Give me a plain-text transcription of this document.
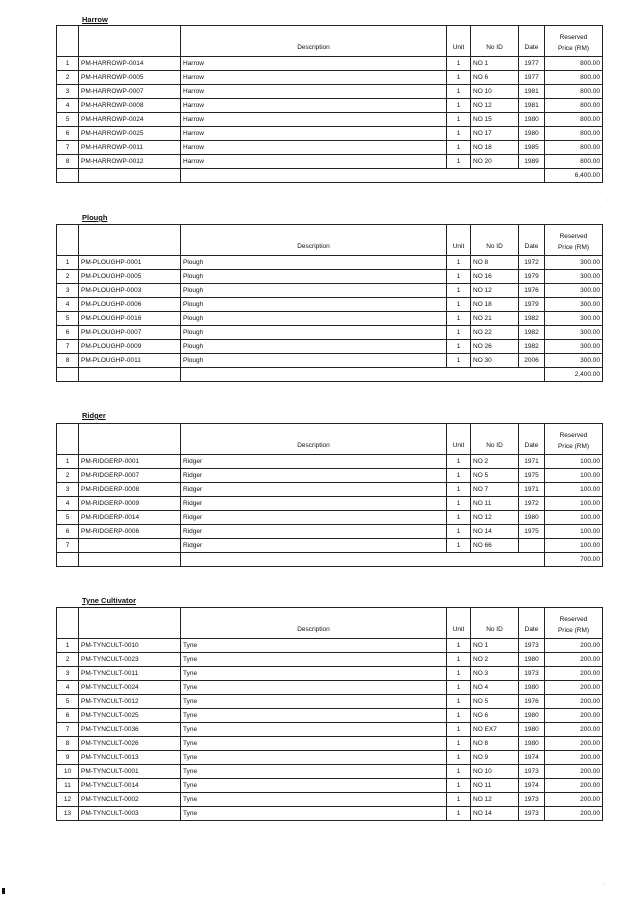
Harrow
		Description	Unit	No ID	Date	Reserved
Price (RM)

1	PM-HARROWP-0014	Harrow	1	NO 1	1977	800.00
2	PM-HARROWP-0005	Harrow	1	NO 6	1977	800.00
3	PM-HARROWP-0007	Harrow	1	NO 10	1981	800.00
4	PM-HARROWP-0008	Harrow	1	NO 12	1981	800.00
5	PM-HARROWP-0024	Harrow	1	NO 15	1980	800.00
6	PM-HARROWP-0025	Harrow	1	NO 17	1980	800.00
7	PM-HARROWP-0011	Harrow	1	NO 18	1985	800.00
8	PM-HARROWP-0012	Harrow	1	NO 20	1989	800.00
						6,400.00
Plough
		Description	Unit	No ID	Date	Reserved
Price (RM)

1	PM-PLOUGHP-0001	Plough	1	NO 8	1972	300.00
2	PM-PLOUGHP-0005	Plough	1	NO 16	1979	300.00
3	PM-PLOUGHP-0003	Plough	1	NO 12	1976	300.00
4	PM-PLOUGHP-0006	Plough	1	NO 18	1979	300.00
5	PM-PLOUGHP-0016	Plough	1	NO 21	1982	300.00
6	PM-PLOUGHP-0007	Plough	1	NO 22	1982	300.00
7	PM-PLOUGHP-0009	Plough	1	NO 26	1982	300.00
8	PM-PLOUGHP-0011	Plough	1	NO 30	2006	300.00
						2,400.00
Ridger
		Description	Unit	No ID	Date	Reserved
Price (RM)

1	PM-RIDGERP-0001	Ridger	1	NO 2	1971	100.00
2	PM-RIDGERP-0007	Ridger	1	NO 5	1975	100.00
3	PM-RIDGERP-0008	Ridger	1	NO 7	1971	100.00
4	PM-RIDGERP-0009	Ridger	1	NO 11	1972	100.00
5	PM-RIDGERP-0014	Ridger	1	NO 12	1980	100.00
6	PM-RIDGERP-0006	Ridger	1	NO 14	1975	100.00
7		Ridger	1	NO 66		100.00
						700.00
Tyne Cultivator
		Description	Unit	No ID	Date	Reserved
Price (RM)

1	PM-TYNCULT-0010	Tyne	1	NO 1	1973	200.00
2	PM-TYNCULT-0023	Tyne	1	NO 2	1980	200.00
3	PM-TYNCULT-0011	Tyne	1	NO 3	1973	200.00
4	PM-TYNCULT-0024	Tyne	1	NO 4	1980	200.00
5	PM-TYNCULT-0012	Tyne	1	NO 5	1976	200.00
6	PM-TYNCULT-0025	Tyne	1	NO 6	1980	200.00
7	PM-TYNCULT-0036	Tyne	1	NO EX7	1980	200.00
8	PM-TYNCULT-0026	Tyne	1	NO 8	1980	200.00
9	PM-TYNCULT-0013	Tyne	1	NO 9	1974	200.00
10	PM-TYNCULT-0001	Tyne	1	NO 10	1973	200.00
11	PM-TYNCULT-0014	Tyne	1	NO 11	1974	200.00
12	PM-TYNCULT-0002	Tyne	1	NO 12	1973	200.00
13	PM-TYNCULT-0003	Tyne	1	NO 14	1973	200.00
ˈ
ˈ
